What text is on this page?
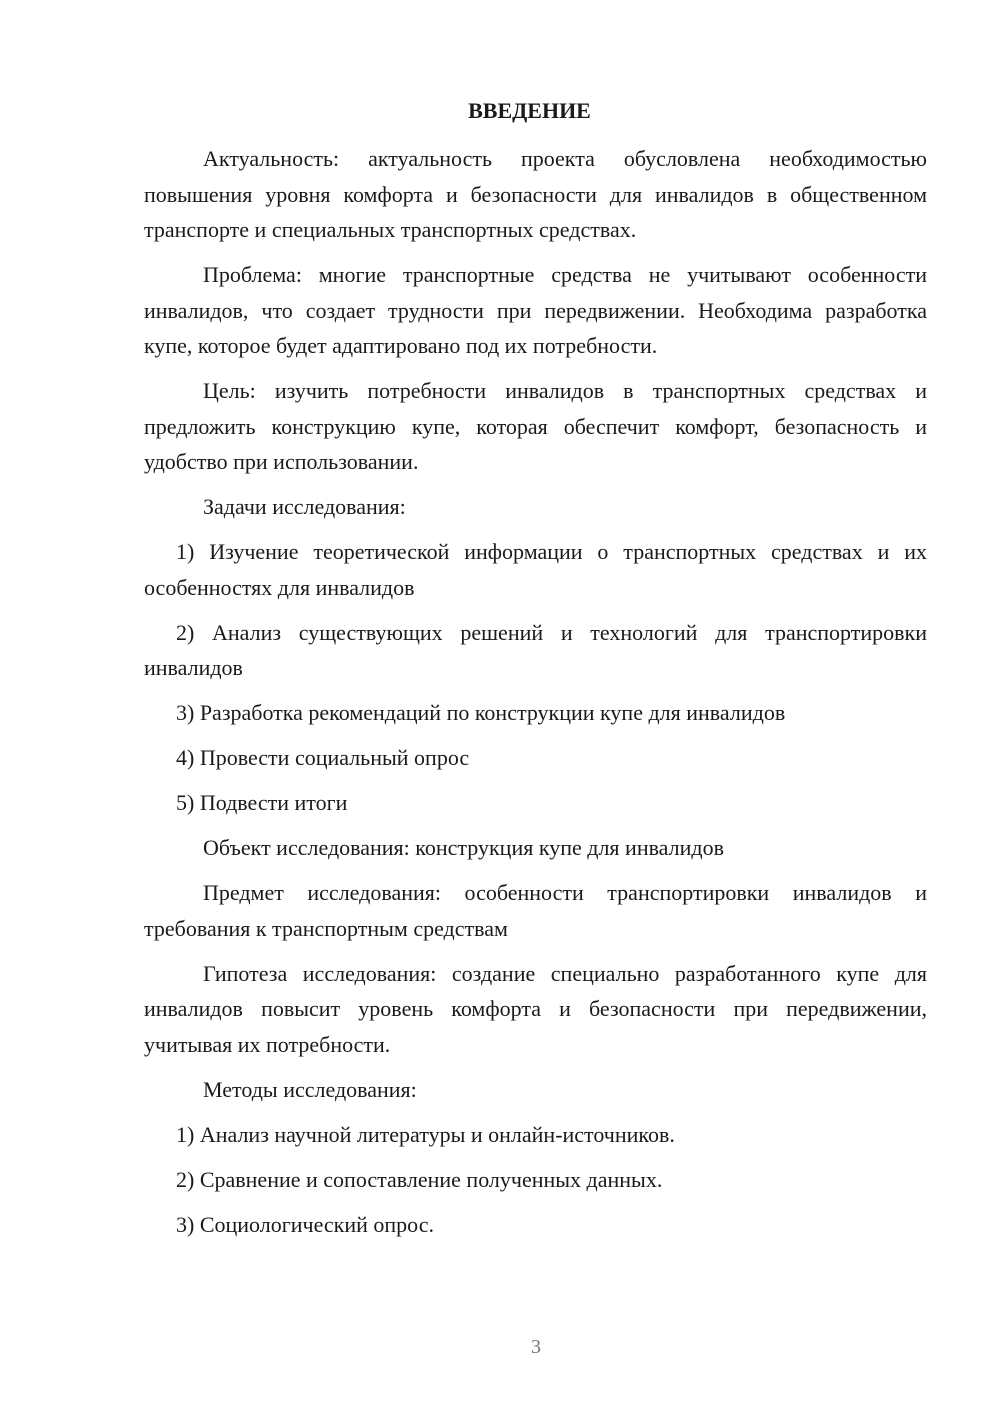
ВВЕДЕНИЕ

Актуальность: актуальность проекта обусловлена необходимостью повышения уровня комфорта и безопасности для инвалидов в общественном транспорте и специальных транспортных средствах.

Проблема: многие транспортные средства не учитывают особенности инвалидов, что создает трудности при передвижении. Необходима разработка купе, которое будет адаптировано под их потребности.

Цель: изучить потребности инвалидов в транспортных средствах и предложить конструкцию купе, которая обеспечит комфорт, безопасность и удобство при использовании.

Задачи исследования:

1) Изучение теоретической информации о транспортных средствах и их особенностях для инвалидов

2) Анализ существующих решений и технологий для транспортировки инвалидов

3) Разработка рекомендаций по конструкции купе для инвалидов

4) Провести социальный опрос

5) Подвести итоги

Объект исследования: конструкция купе для инвалидов

Предмет исследования: особенности транспортировки инвалидов и требования к транспортным средствам

Гипотеза исследования: создание специально разработанного купе для инвалидов повысит уровень комфорта и безопасности при передвижении, учитывая их потребности.

Методы исследования:

1) Анализ научной литературы и онлайн-источников.

2) Сравнение и сопоставление полученных данных.

3) Социологический опрос.

3
